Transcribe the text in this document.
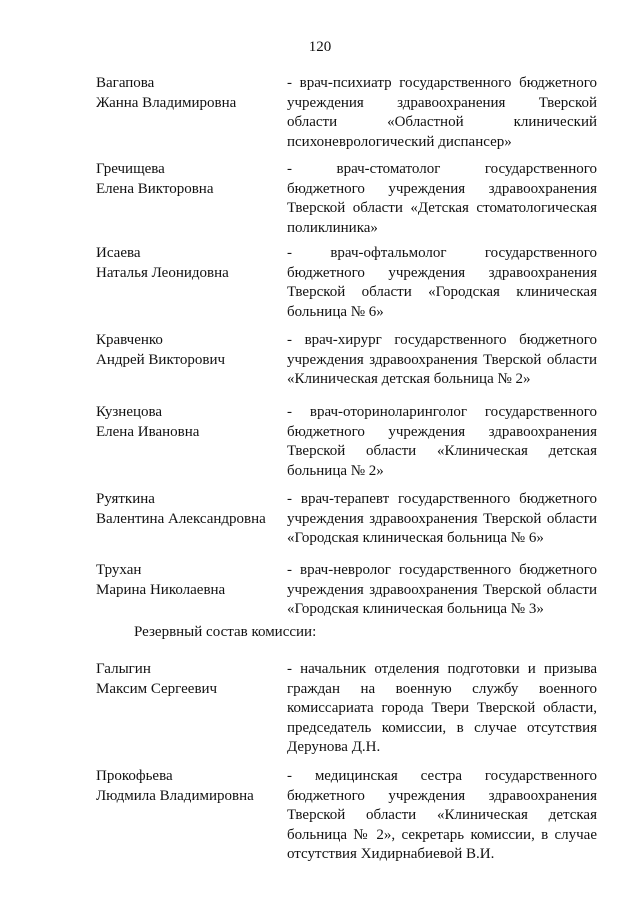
120
Вагапова
Жанна Владимировна
- врач-психиатр государственного бюджетного
учреждения здравоохранения Тверской
области «Областной клинический
психоневрологический диспансер»
Гречищева
Елена Викторовна
- врач-стоматолог государственного
бюджетного учреждения здравоохранения
Тверской области «Детская стоматологическая
поликлиника»
Исаева
Наталья Леонидовна
- врач-офтальмолог государственного
бюджетного учреждения здравоохранения
Тверской области «Городская клиническая
больница № 6»
Кравченко
Андрей Викторович
- врач-хирург государственного бюджетного
учреждения здравоохранения Тверской области
«Клиническая детская больница № 2»
Кузнецова
Елена Ивановна
- врач-оториноларинголог государственного
бюджетного учреждения здравоохранения
Тверской области «Клиническая детская
больница № 2»
Руяткина
Валентина Александровна
- врач-терапевт государственного бюджетного
учреждения здравоохранения Тверской области
«Городская клиническая больница № 6»
Трухан
Марина Николаевна
- врач-невролог государственного бюджетного
учреждения здравоохранения Тверской области
«Городская клиническая больница № 3»
Резервный состав комиссии:
Галыгин
Максим Сергеевич
- начальник отделения подготовки и призыва
граждан на военную службу военного
комиссариата города Твери Тверской области,
председатель комиссии, в случае отсутствия
Дерунова Д.Н.
Прокофьева
Людмила Владимировна
- медицинская сестра государственного
бюджетного учреждения здравоохранения
Тверской области «Клиническая детская
больница № 2», секретарь комиссии, в случае
отсутствия Хидирнабиевой В.И.
